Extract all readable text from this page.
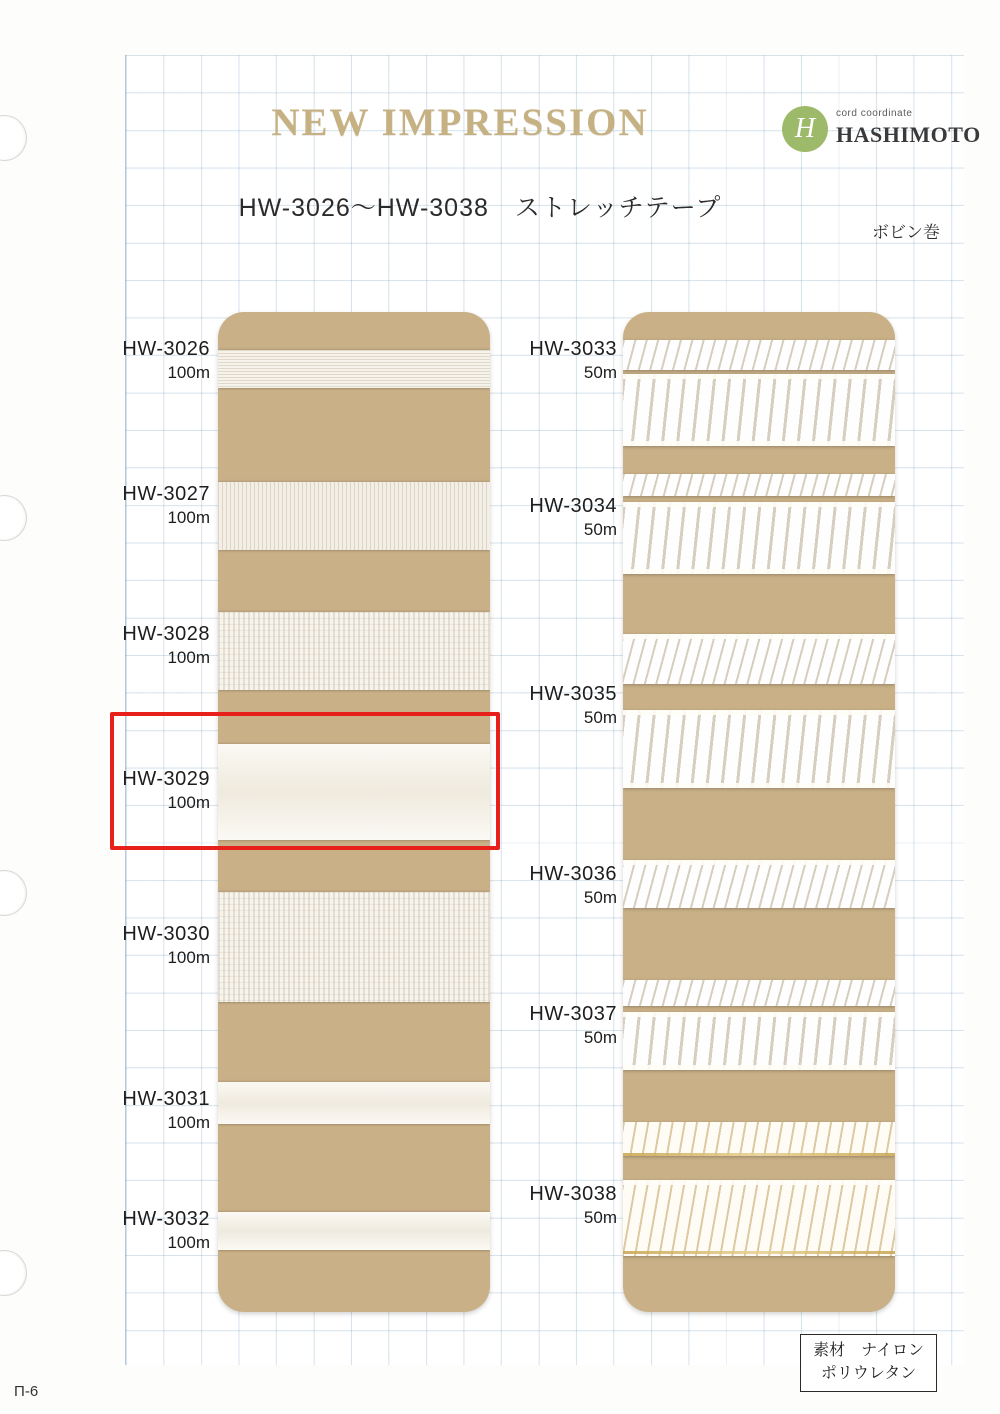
NEW IMPRESSION
HW-3026〜HW-3038　ストレッチテープ
ボビン巻
H	cord coordinate
HASHIMOTO
HW-3026
100m
HW-3027
100m
HW-3028
100m
HW-3029
100m
HW-3030
100m
HW-3031
100m
HW-3032
100m
HW-3033
50m
HW-3034
50m
HW-3035
50m
HW-3036
50m
HW-3037
50m
HW-3038
50m
素材　ナイロン
ポリウレタン
Π-6
